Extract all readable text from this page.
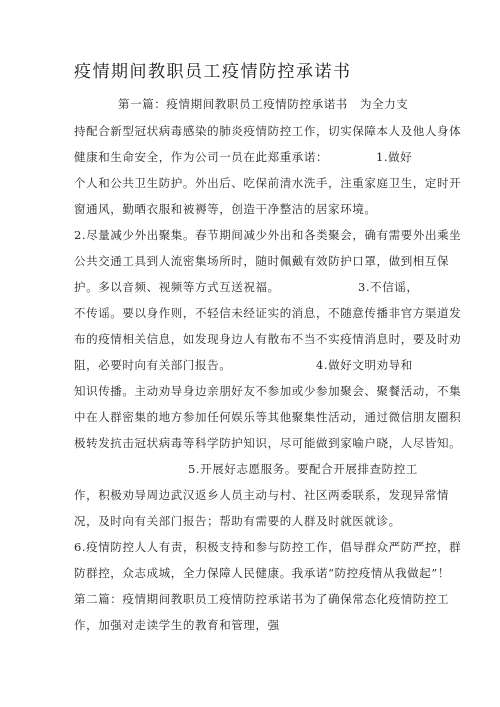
疫情期间教职员工疫情防控承诺书
第一篇：疫情期间教职员工疫情防控承诺书 为全力支
持配合新型冠状病毒感染的肺炎疫情防控工作，切实保障本人及他人身体
健康和生命安全，作为公司一员在此郑重承诺：	1.做好
个人和公共卫生防护。外出后、吃保前清水洗手，注重家庭卫生，定时开
窗通风，勤晒衣服和被褥等，创造干净整洁的居家环境。
2.尽量减少外出聚集。春节期间减少外出和各类聚会，确有需要外出乘坐
公共交通工具到人流密集场所时，随时佩戴有效防护口罩，做到相互保
护。多以音频、视频等方式互送祝福。	3.不信谣，
不传谣。要以身作则，不轻信未经证实的消息，不随意传播非官方渠道发
布的疫情相关信息，如发现身边人有散布不当不实疫情消息时，要及时劝
阻，必要时向有关部门报告。	4.做好文明劝导和
知识传播。主动劝导身边亲朋好友不参加或少参加聚会、聚餐活动，不集
中在人群密集的地方参加任何娱乐等其他聚集性活动，通过微信朋友圈积
极转发抗击冠状病毒等科学防护知识，尽可能做到家喻户晓，人尽皆知。
5.开展好志愿服务。要配合开展排查防控工
作，积极劝导周边武汉返乡人员主动与村、社区两委联系，发现异常情
况，及时向有关部门报告；帮助有需要的人群及时就医就诊。
6.疫情防控人人有责，积极支持和参与防控工作，倡导群众严防严控，群
防群控，众志成城，全力保障人民健康。我承诺“防控疫情从我做起”！
第二篇：疫情期间教职员工疫情防控承诺书为了确保常态化疫情防控工
作，加强对走读学生的教育和管理，强
